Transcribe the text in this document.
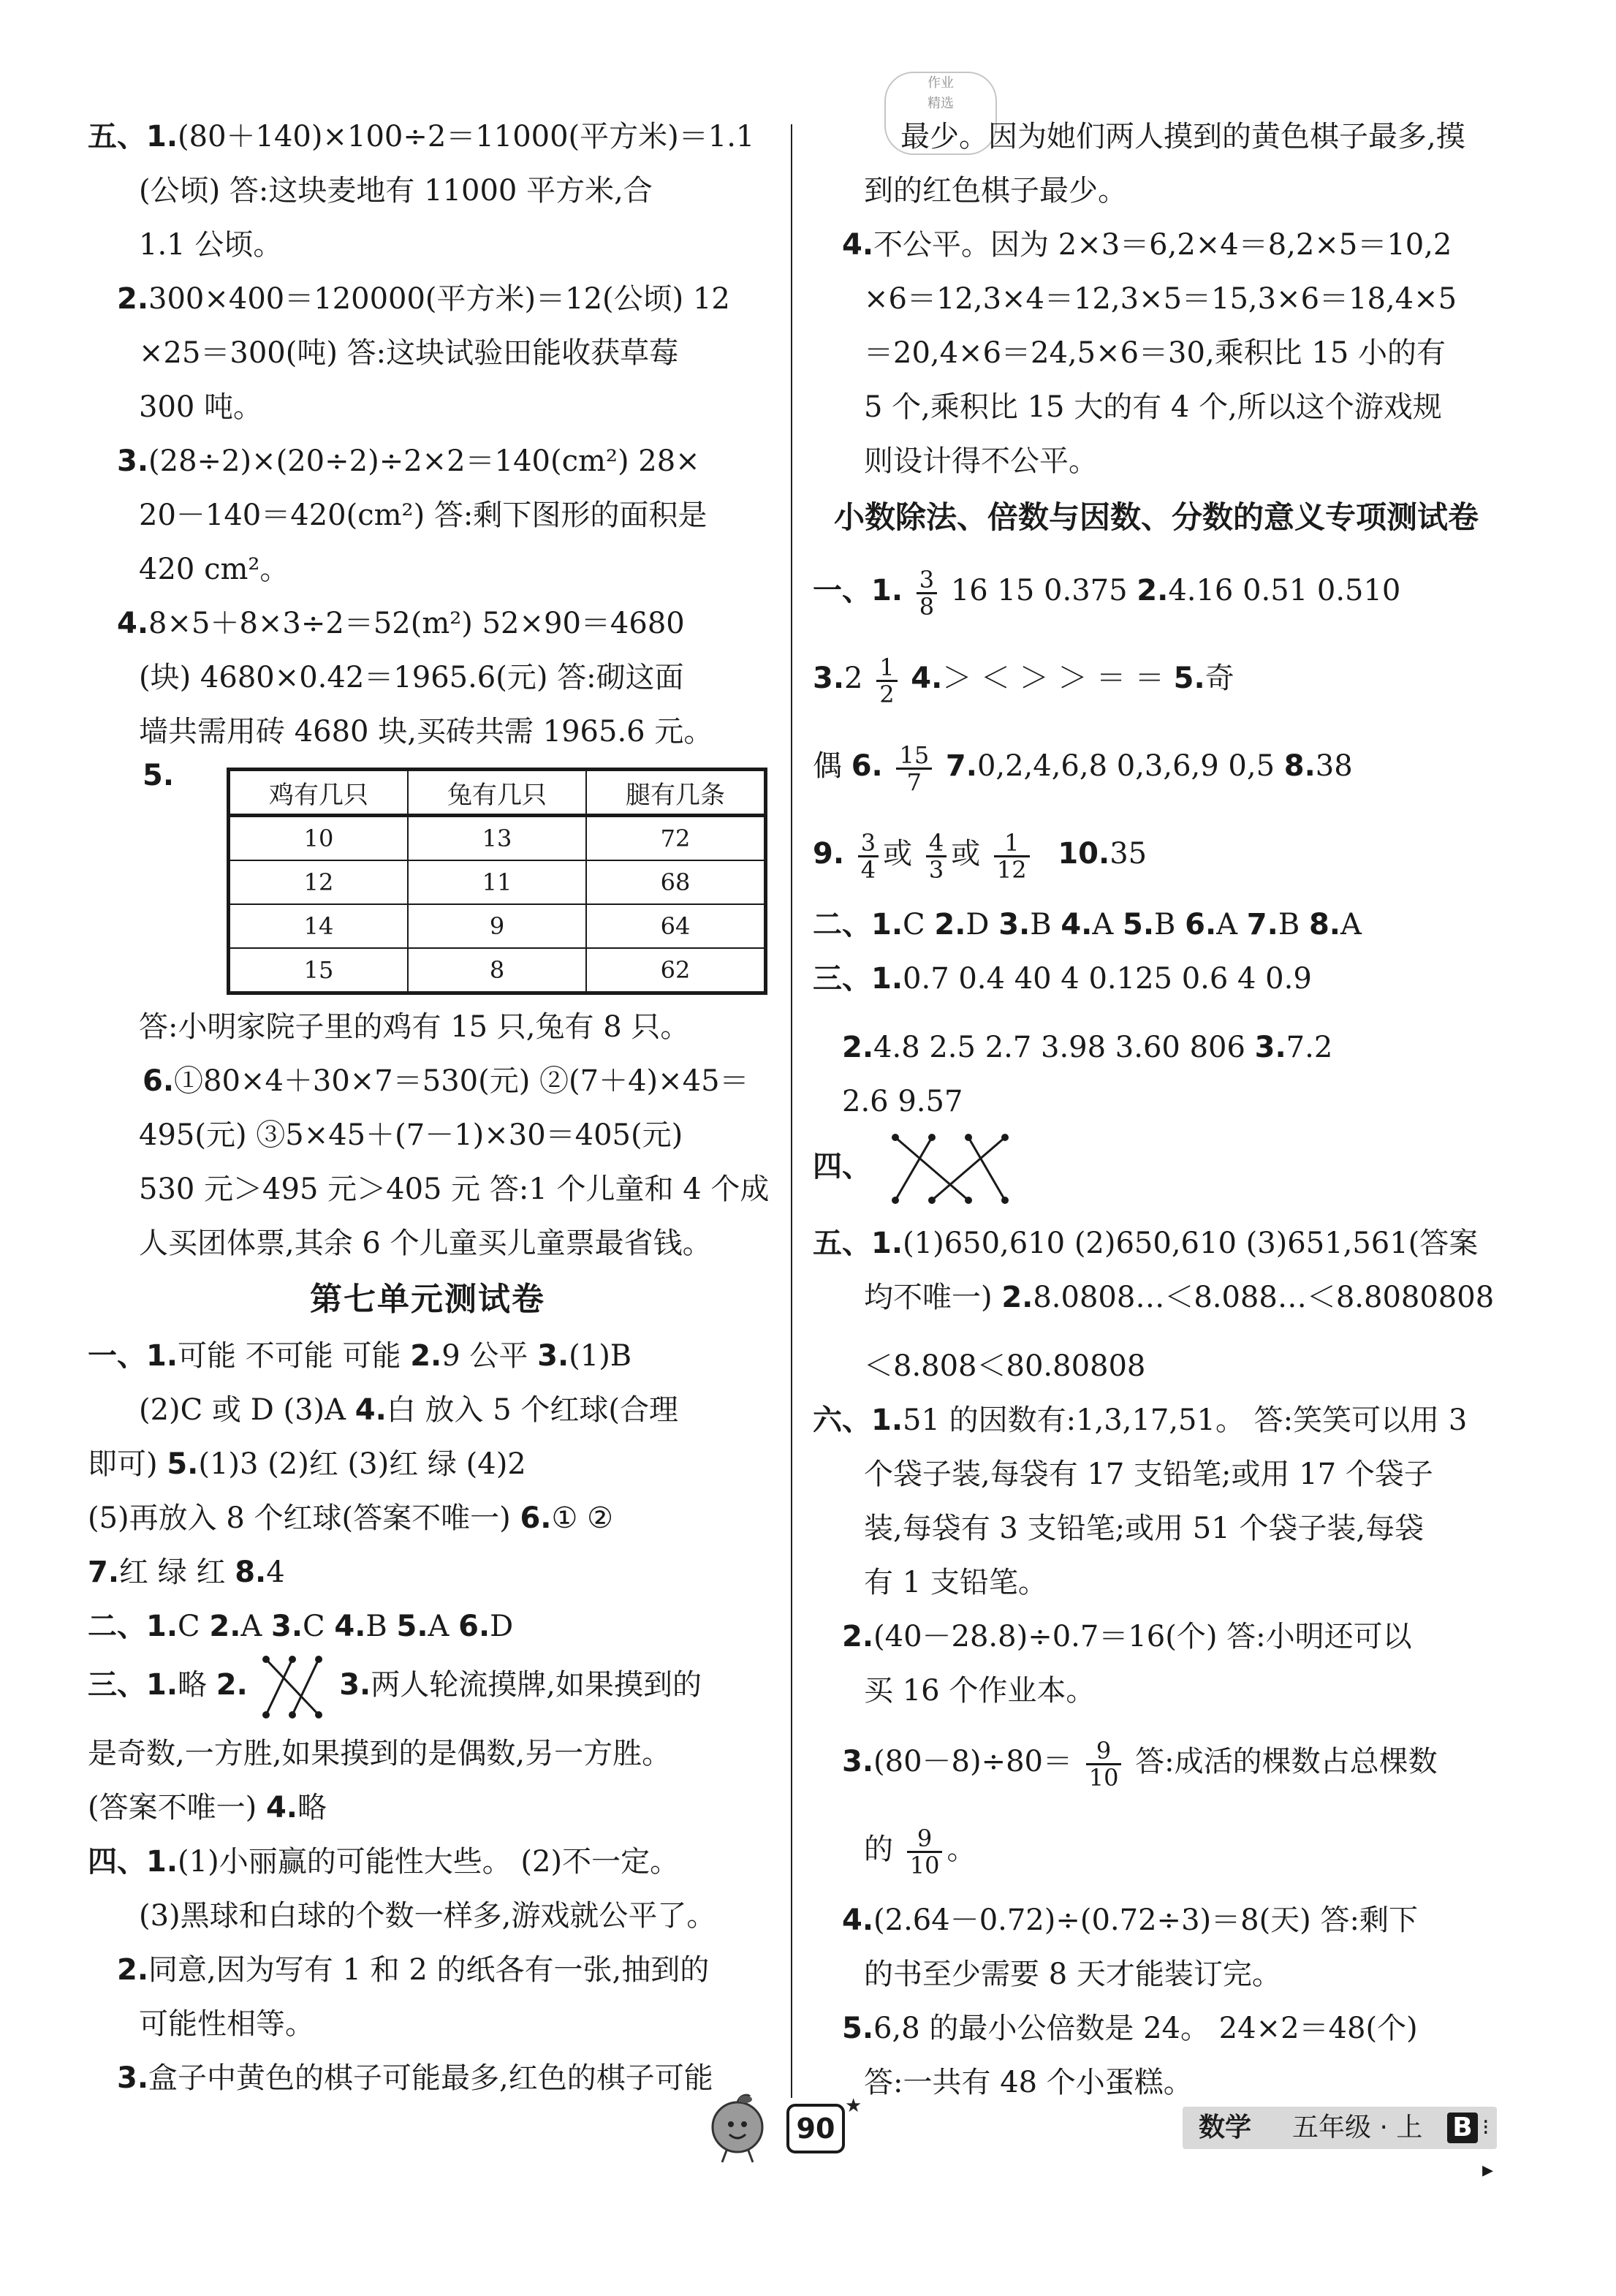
作业
精选
五、1.(80＋140)×100÷2＝11000(平方米)＝1.1
(公顷) 答:这块麦地有 11000 平方米,合
1.1 公顷。
2.300×400＝120000(平方米)＝12(公顷) 12
×25＝300(吨) 答:这块试验田能收获草莓
300 吨。
3.(28÷2)×(20÷2)÷2×2＝140(cm²) 28×
20－140＝420(cm²) 答:剩下图形的面积是
420 cm²。
4.8×5＋8×3÷2＝52(m²) 52×90＝4680
(块) 4680×0.42＝1965.6(元) 答:砌这面
墙共需用砖 4680 块,买砖共需 1965.6 元。
5.
鸡有几只	兔有几只	腿有几条
10	13	72
12	11	68
14	9	64
15	8	62
答:小明家院子里的鸡有 15 只,兔有 8 只。
6.①80×4＋30×7＝530(元) ②(7＋4)×45＝
495(元) ③5×45＋(7－1)×30＝405(元)
530 元＞495 元＞405 元 答:1 个儿童和 4 个成
人买团体票,其余 6 个儿童买儿童票最省钱。
第七单元测试卷
一、1.可能 不可能 可能 2.9 公平 3.(1)B
(2)C 或 D (3)A 4.白 放入 5 个红球(合理
即可) 5.(1)3 (2)红 (3)红 绿 (4)2
(5)再放入 8 个红球(答案不唯一) 6.① ②
7.红 绿 红 8.4
二、1.C 2.A 3.C 4.B 5.A 6.D
三、1.略 2.	3.两人轮流摸牌,如果摸到的
是奇数,一方胜,如果摸到的是偶数,另一方胜。
(答案不唯一) 4.略
四、1.(1)小丽赢的可能性大些。 (2)不一定。
(3)黑球和白球的个数一样多,游戏就公平了。
2.同意,因为写有 1 和 2 的纸各有一张,抽到的
可能性相等。
3.盒子中黄色的棋子可能最多,红色的棋子可能
最少。因为她们两人摸到的黄色棋子最多,摸
到的红色棋子最少。
4.不公平。因为 2×3＝6,2×4＝8,2×5＝10,2
×6＝12,3×4＝12,3×5＝15,3×6＝18,4×5
＝20,4×6＝24,5×6＝30,乘积比 15 小的有
5 个,乘积比 15 大的有 4 个,所以这个游戏规
则设计得不公平。
小数除法、倍数与因数、分数的意义专项测试卷
一、1. $\frac{3}{8} 16$ 15 0.375 2.4.16 0.51 0.510
$3.2 \frac{1}{2} 4.>$ ＜ ＞ ＞ ＝ ＝ 5.奇
偶 6. $\frac{15}{7} 7.0,2,4,6,8$ 0,3,6,9 0,5 8.38
9. $\frac{3}{4}$ 或 $\frac{4}{3}$ 或 $\frac{1}{12} 10.35$
二、1.C 2.D 3.B 4.A 5.B 6.A 7.B 8.A
三、1.0.7 0.4 40 4 0.125 0.6 4 0.9
2.4.8 2.5 2.7 3.98 3.60 806 3.7.2
2.6 9.57
四、
五、1.(1)650,610 (2)650,610 (3)651,561(答案
均不唯一) 2.8.0808…＜8.088…＜8.8080808
＜8.808＜80.80808
六、1.51 的因数有:1,3,17,51。 答:笑笑可以用 3
个袋子装,每袋有 17 支铅笔;或用 17 个袋子
装,每袋有 3 支铅笔;或用 51 个袋子装,每袋
有 1 支铅笔。
2.(40－28.8)÷0.7＝16(个) 答:小明还可以
买 16 个作业本。
$3.(80-8)\div 80= \frac{9}{10}$ 答:成活的棵数占总棵数
的 $\frac{9}{10}$ 。
4.(2.64－0.72)÷(0.72÷3)＝8(天) 答:剩下
的书至少需要 8 天才能装订完。
5.6,8 的最小公倍数是 24。 24×2＝48(个)
答:一共有 48 个小蛋糕。
90
★
数学 五年级 · 上 B ⁝▸
